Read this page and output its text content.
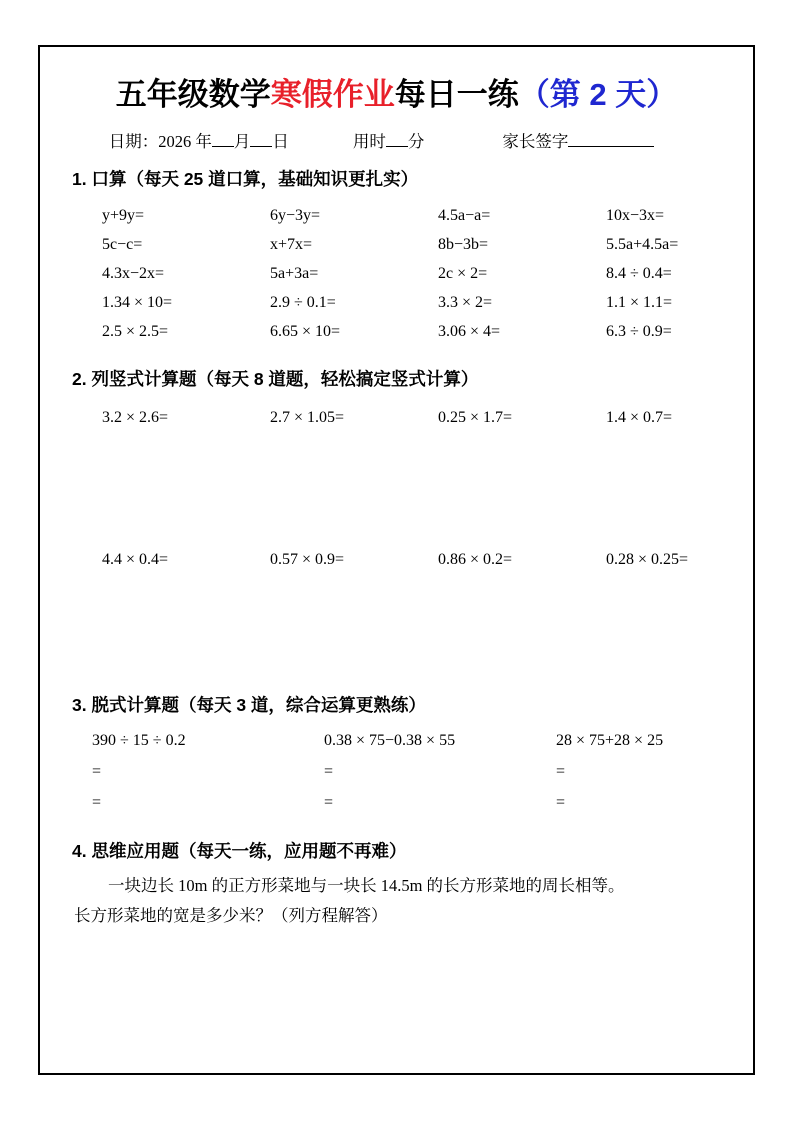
五年级数学寒假作业每日一练（第 2 天）
日期：2026 年 月 日	用时 分	家长签字
1. 口算（每天 25 道口算，基础知识更扎实）
y+9y=	6y−3y=	4.5a−a=	10x−3x=
5c−c=	x+7x=	8b−3b=	5.5a+4.5a=
4.3x−2x=	5a+3a=	2c × 2=	8.4 ÷ 0.4=
1.34 × 10=	2.9 ÷ 0.1=	3.3 × 2=	1.1 × 1.1=
2.5 × 2.5=	6.65 × 10=	3.06 × 4=	6.3 ÷ 0.9=
2. 列竖式计算题（每天 8 道题，轻松搞定竖式计算）
3.2 × 2.6=	2.7 × 1.05=	0.25 × 1.7=	1.4 × 0.7=
4.4 × 0.4=	0.57 × 0.9=	0.86 × 0.2=	0.28 × 0.25=
3. 脱式计算题（每天 3 道，综合运算更熟练）
390 ÷ 15 ÷ 0.2	0.38 × 75−0.38 × 55	28 × 75+28 × 25
=	=	=
=	=	=
4. 思维应用题（每天一练，应用题不再难）
一块边长 10m 的正方形菜地与一块长 14.5m 的长方形菜地的周长相等。
长方形菜地的宽是多少米？（列方程解答）
